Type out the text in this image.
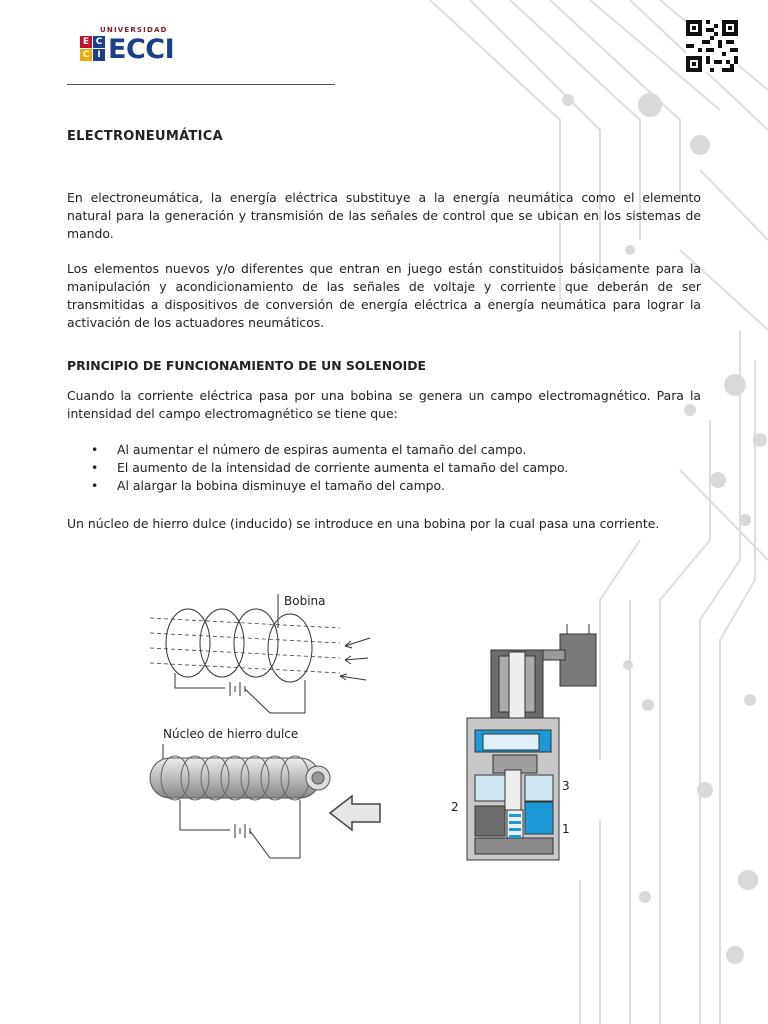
UNIVERSIDAD
E C
C I ECCI
ELECTRONEUMÁTICA
En electroneumática, la energía eléctrica substituye a la energía neumática como el elemento natural para la generación y transmisión de las señales de control que se ubican en los sistemas de mando.
Los elementos nuevos y/o diferentes que entran en juego están constituidos básicamente para la manipulación y acondicionamiento de las señales de voltaje y corriente que deberán de ser transmitidas a dispositivos de conversión de energía eléctrica a energía neumática para lograr la activación de los actuadores neumáticos.
PRINCIPIO DE FUNCIONAMIENTO DE UN SOLENOIDE
Cuando la corriente eléctrica pasa por una bobina se genera un campo electromagnético. Para la intensidad del campo electromagnético se tiene que:
• Al aumentar el número de espiras aumenta el tamaño del campo.
• El aumento de la intensidad de corriente aumenta el tamaño del campo.
• Al alargar la bobina disminuye el tamaño del campo.
Un núcleo de hierro dulce (inducido) se introduce en una bobina por la cual pasa una corriente.
Bobina
Núcleo de hierro dulce
2
3
1
